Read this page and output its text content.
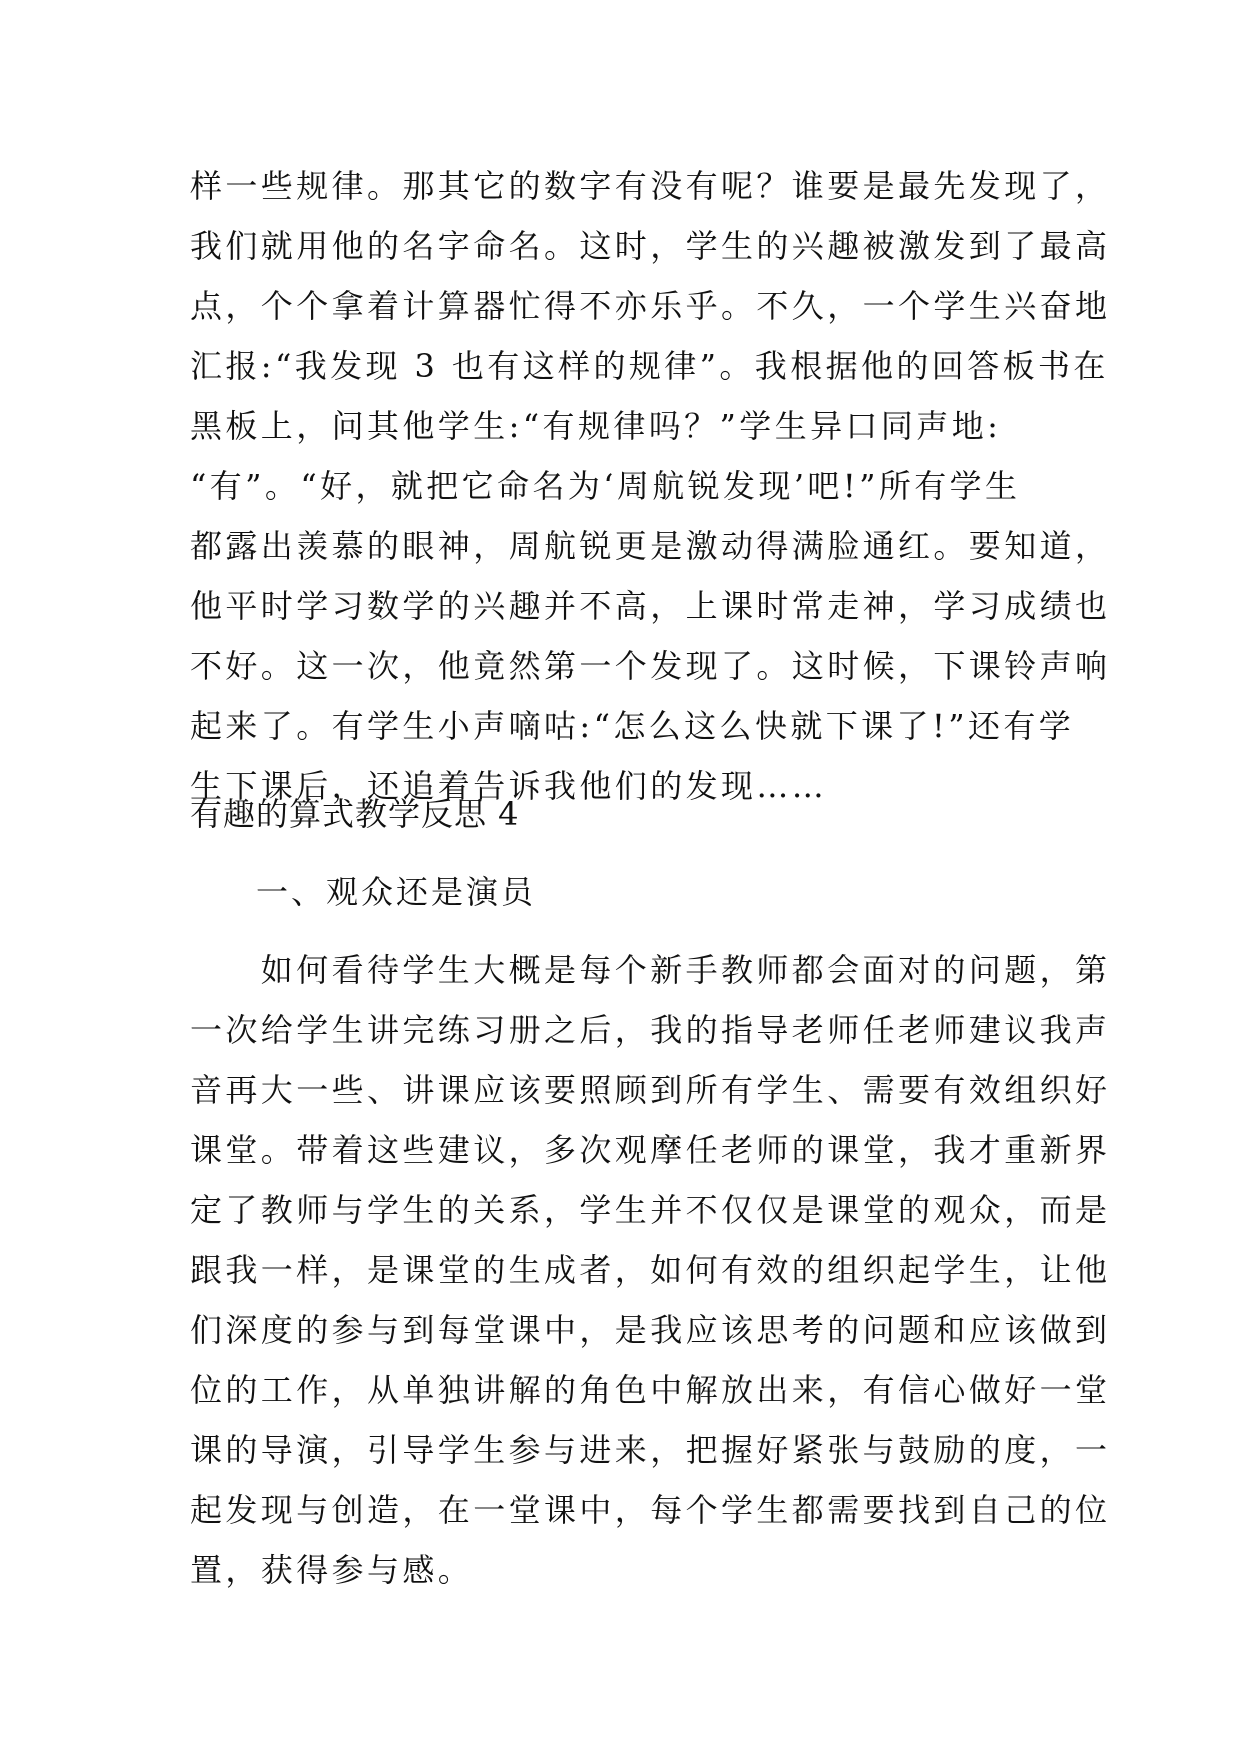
样一些规律。那其它的数字有没有呢？谁要是最先发现了，
我们就用他的名字命名。这时，学生的兴趣被激发到了最高
点，个个拿着计算器忙得不亦乐乎。不久，一个学生兴奋地
汇报:“我发现 3 也有这样的规律”。我根据他的回答板书在
黑板上，问其他学生:“有规律吗？”学生异口同声地:
“有”。“好，就把它命名为‘周航锐发现’吧!”所有学生
都露出羡慕的眼神，周航锐更是激动得满脸通红。要知道，
他平时学习数学的兴趣并不高，上课时常走神，学习成绩也
不好。这一次，他竟然第一个发现了。这时候，下课铃声响
起来了。有学生小声嘀咕:“怎么这么快就下课了!”还有学
生下课后，还追着告诉我他们的发现……
有趣的算式教学反思 4
一、观众还是演员
　　如何看待学生大概是每个新手教师都会面对的问题，第
一次给学生讲完练习册之后，我的指导老师任老师建议我声
音再大一些、讲课应该要照顾到所有学生、需要有效组织好
课堂。带着这些建议，多次观摩任老师的课堂，我才重新界
定了教师与学生的关系，学生并不仅仅是课堂的观众，而是
跟我一样，是课堂的生成者，如何有效的组织起学生，让他
们深度的参与到每堂课中，是我应该思考的问题和应该做到
位的工作，从单独讲解的角色中解放出来，有信心做好一堂
课的导演，引导学生参与进来，把握好紧张与鼓励的度，一
起发现与创造，在一堂课中，每个学生都需要找到自己的位
置，获得参与感。
